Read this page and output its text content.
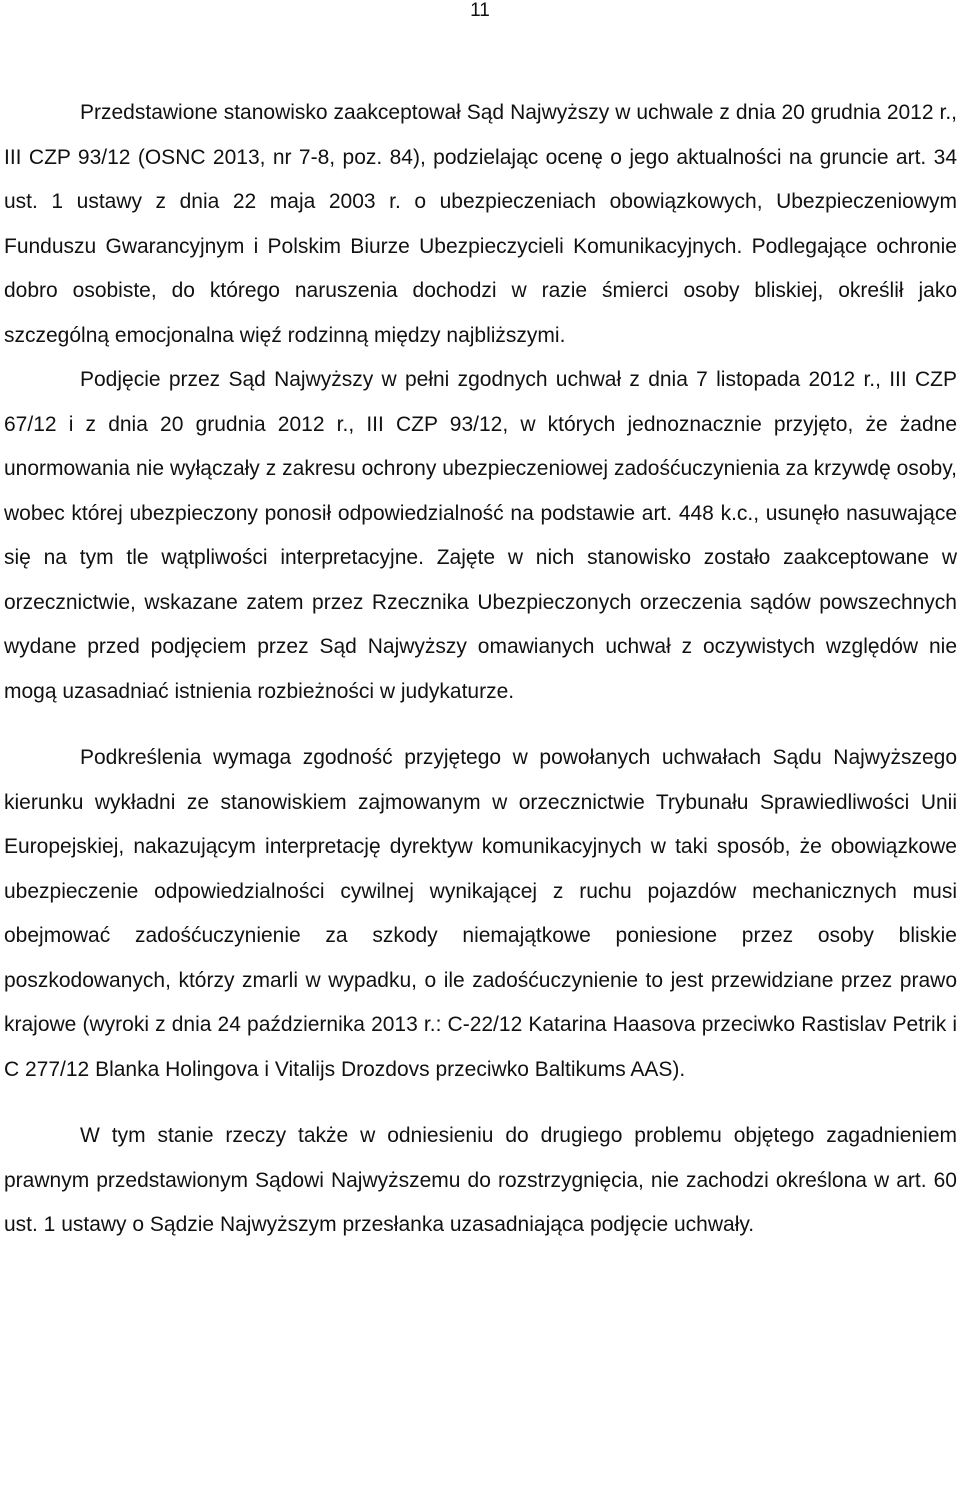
11

Przedstawione stanowisko zaakceptował Sąd Najwyższy w uchwale z dnia 20 grudnia 2012 r., III CZP 93/12 (OSNC 2013, nr 7-8, poz. 84), podzielając ocenę o jego aktualności na gruncie art. 34 ust. 1 ustawy z dnia 22 maja 2003 r. o ubezpieczeniach obowiązkowych, Ubezpieczeniowym Funduszu Gwarancyjnym i Polskim Biurze Ubezpieczycieli Komunikacyjnych. Podlegające ochronie dobro osobiste, do którego naruszenia dochodzi w razie śmierci osoby bliskiej, określił jako szczególną emocjonalna więź rodzinną między najbliższymi.

Podjęcie przez Sąd Najwyższy w pełni zgodnych uchwał z dnia 7 listopada 2012 r., III CZP 67/12 i z dnia 20 grudnia 2012 r., III CZP 93/12, w których jednoznacznie przyjęto, że żadne unormowania nie wyłączały z zakresu ochrony ubezpieczeniowej zadośćuczynienia za krzywdę osoby, wobec której ubezpieczony ponosił odpowiedzialność na podstawie art. 448 k.c., usunęło nasuwające się na tym tle wątpliwości interpretacyjne. Zajęte w nich stanowisko zostało zaakceptowane w orzecznictwie, wskazane zatem przez Rzecznika Ubezpieczonych orzeczenia sądów powszechnych wydane przed podjęciem przez Sąd Najwyższy omawianych uchwał z oczywistych względów nie mogą uzasadniać istnienia rozbieżności w judykaturze.

Podkreślenia wymaga zgodność przyjętego w powołanych uchwałach Sądu Najwyższego kierunku wykładni ze stanowiskiem zajmowanym w orzecznictwie Trybunału Sprawiedliwości Unii Europejskiej, nakazującym interpretację dyrektyw komunikacyjnych w taki sposób, że obowiązkowe ubezpieczenie odpowiedzialności cywilnej wynikającej z ruchu pojazdów mechanicznych musi obejmować zadośćuczynienie za szkody niemajątkowe poniesione przez osoby bliskie poszkodowanych, którzy zmarli w wypadku, o ile zadośćuczynienie to jest przewidziane przez prawo krajowe (wyroki z dnia 24 października 2013 r.: C-22/12 Katarina Haasova przeciwko Rastislav Petrik i C 277/12 Blanka Holingova i Vitalijs Drozdovs przeciwko Baltikums AAS).

W tym stanie rzeczy także w odniesieniu do drugiego problemu objętego zagadnieniem prawnym przedstawionym Sądowi Najwyższemu do rozstrzygnięcia, nie zachodzi określona w art. 60 ust. 1 ustawy o Sądzie Najwyższym przesłanka uzasadniająca podjęcie uchwały.
